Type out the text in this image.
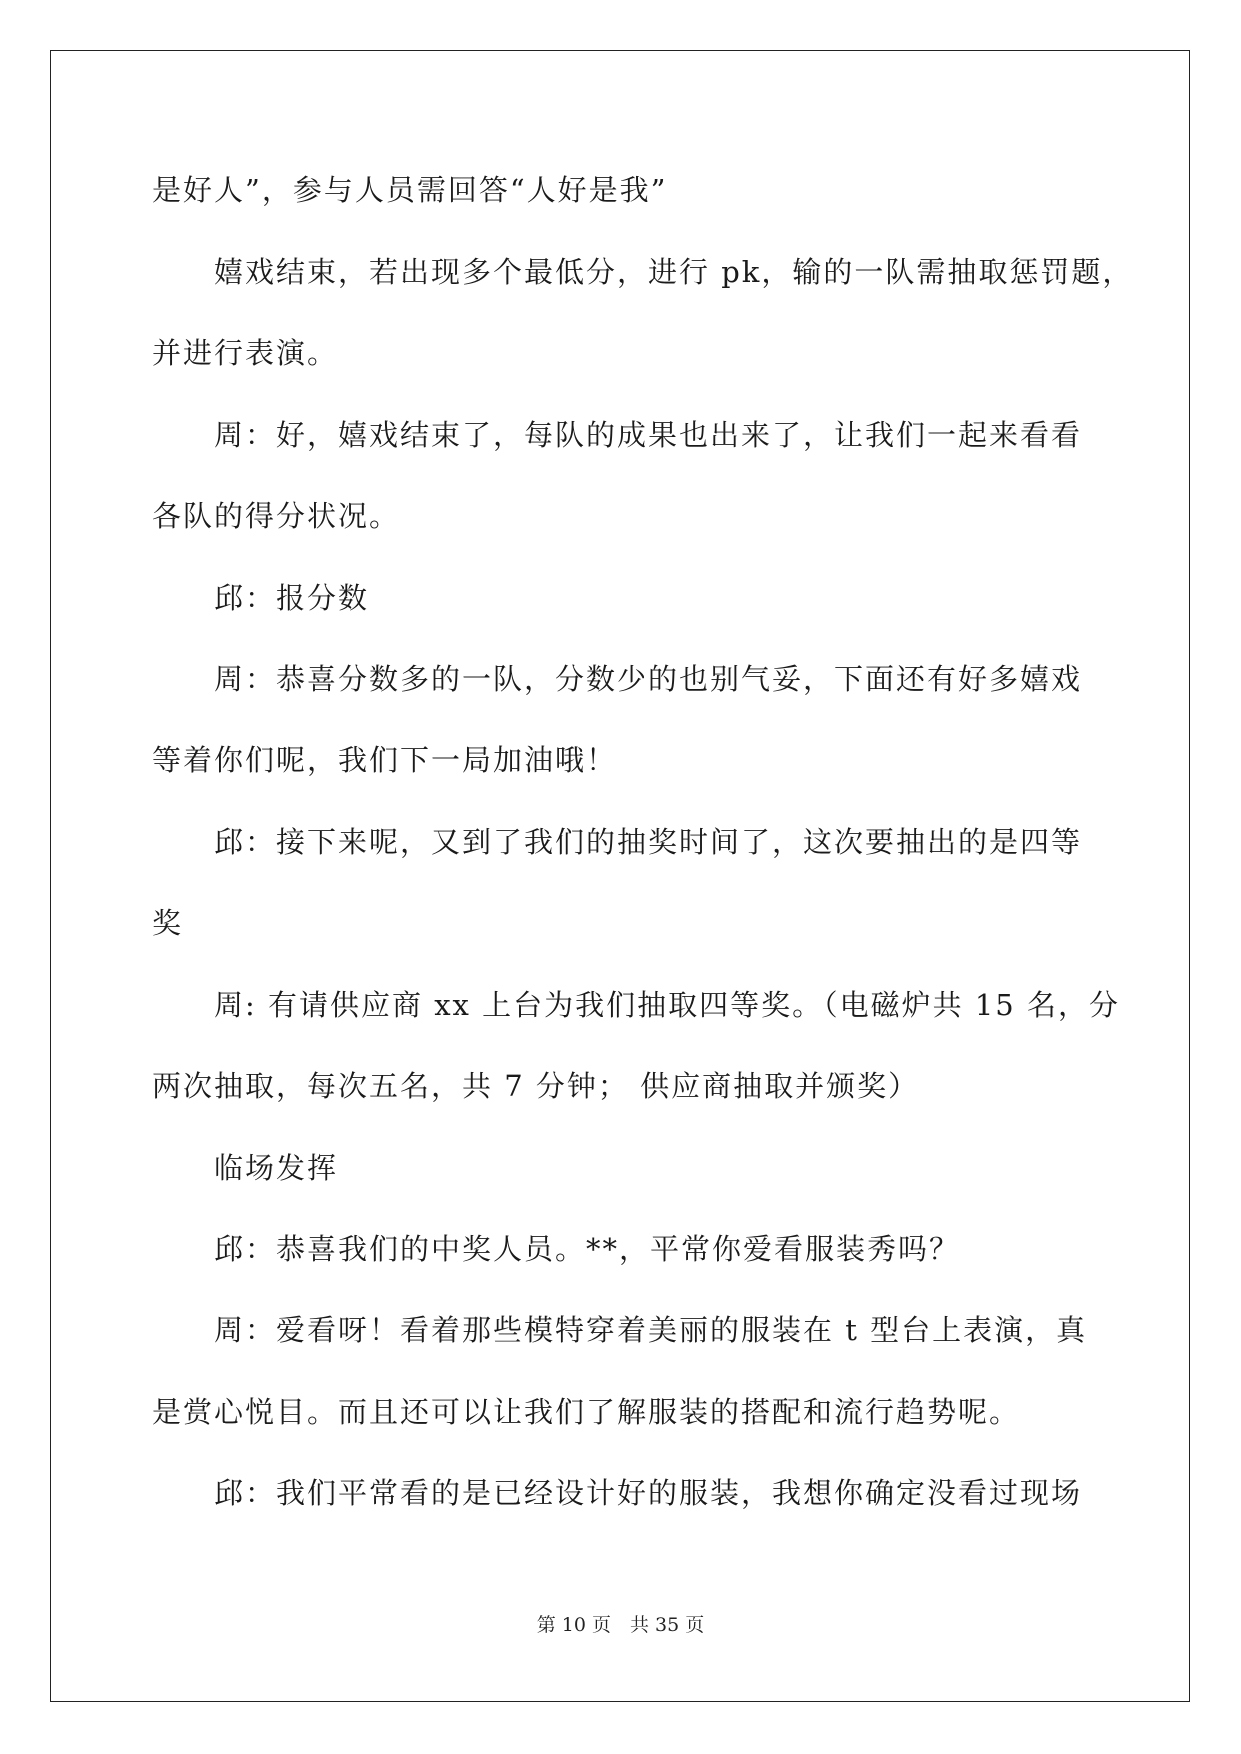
是好人”，参与人员需回答“人好是我”
嬉戏结束，若出现多个最低分，进行 pk，输的一队需抽取惩罚题，
并进行表演。
周：好，嬉戏结束了，每队的成果也出来了，让我们一起来看看
各队的得分状况。
邱：报分数
周：恭喜分数多的一队，分数少的也别气妥，下面还有好多嬉戏
等着你们呢，我们下一局加油哦！
邱：接下来呢，又到了我们的抽奖时间了，这次要抽出的是四等
奖
周: 有请供应商 xx 上台为我们抽取四等奖。（电磁炉共 15 名，分
两次抽取，每次五名，共 7 分钟； 供应商抽取并颁奖）
临场发挥
邱：恭喜我们的中奖人员。**，平常你爱看服装秀吗？
周：爱看呀！看着那些模特穿着美丽的服装在 t 型台上表演，真
是赏心悦目。而且还可以让我们了解服装的搭配和流行趋势呢。
邱：我们平常看的是已经设计好的服装，我想你确定没看过现场
第 10 页　共 35 页
